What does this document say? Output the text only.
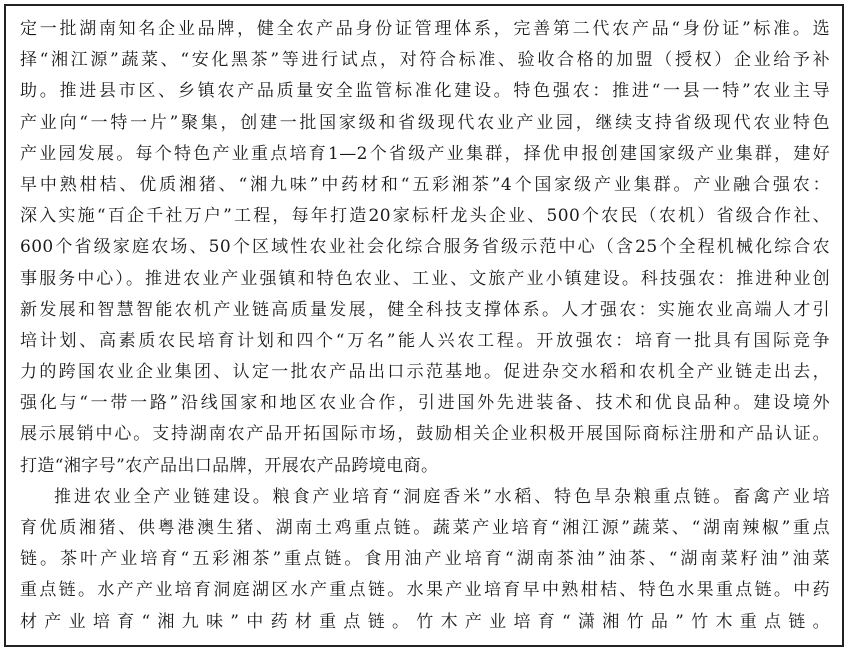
定一批湖南知名企业品牌，健全农产品身份证管理体系，完善第二代农产品“身份证”标准。选
择“湘江源”蔬菜、“安化黑茶”等进行试点，对符合标准、验收合格的加盟（授权）企业给予补
助。推进县市区、乡镇农产品质量安全监管标准化建设。特色强农：推进“一县一特”农业主导
产业向“一特一片”聚集，创建一批国家级和省级现代农业产业园，继续支持省级现代农业特色
产业园发展。每个特色产业重点培育1—2个省级产业集群，择优申报创建国家级产业集群，建好
早中熟柑桔、优质湘猪、“湘九味”中药材和“五彩湘茶”4个国家级产业集群。产业融合强农：
深入实施“百企千社万户”工程，每年打造20家标杆龙头企业、500个农民（农机）省级合作社、
600个省级家庭农场、50个区域性农业社会化综合服务省级示范中心（含25个全程机械化综合农
事服务中心）。推进农业产业强镇和特色农业、工业、文旅产业小镇建设。科技强农：推进种业创
新发展和智慧智能农机产业链高质量发展，健全科技支撑体系。人才强农：实施农业高端人才引
培计划、高素质农民培育计划和四个“万名”能人兴农工程。开放强农：培育一批具有国际竞争
力的跨国农业企业集团、认定一批农产品出口示范基地。促进杂交水稻和农机全产业链走出去，
强化与“一带一路”沿线国家和地区农业合作，引进国外先进装备、技术和优良品种。建设境外
展示展销中心。支持湖南农产品开拓国际市场，鼓励相关企业积极开展国际商标注册和产品认证。
打造“湘字号”农产品出口品牌，开展农产品跨境电商。
推进农业全产业链建设。粮食产业培育“洞庭香米”水稻、特色旱杂粮重点链。畜禽产业培
育优质湘猪、供粤港澳生猪、湖南土鸡重点链。蔬菜产业培育“湘江源”蔬菜、“湖南辣椒”重点
链。茶叶产业培育“五彩湘茶”重点链。食用油产业培育“湖南茶油”油茶、“湖南菜籽油”油菜
重点链。水产产业培育洞庭湖区水产重点链。水果产业培育早中熟柑桔、特色水果重点链。中药
材产业培育“湘九味”中药材重点链。竹木产业培育“潇湘竹品”竹木重点链。
